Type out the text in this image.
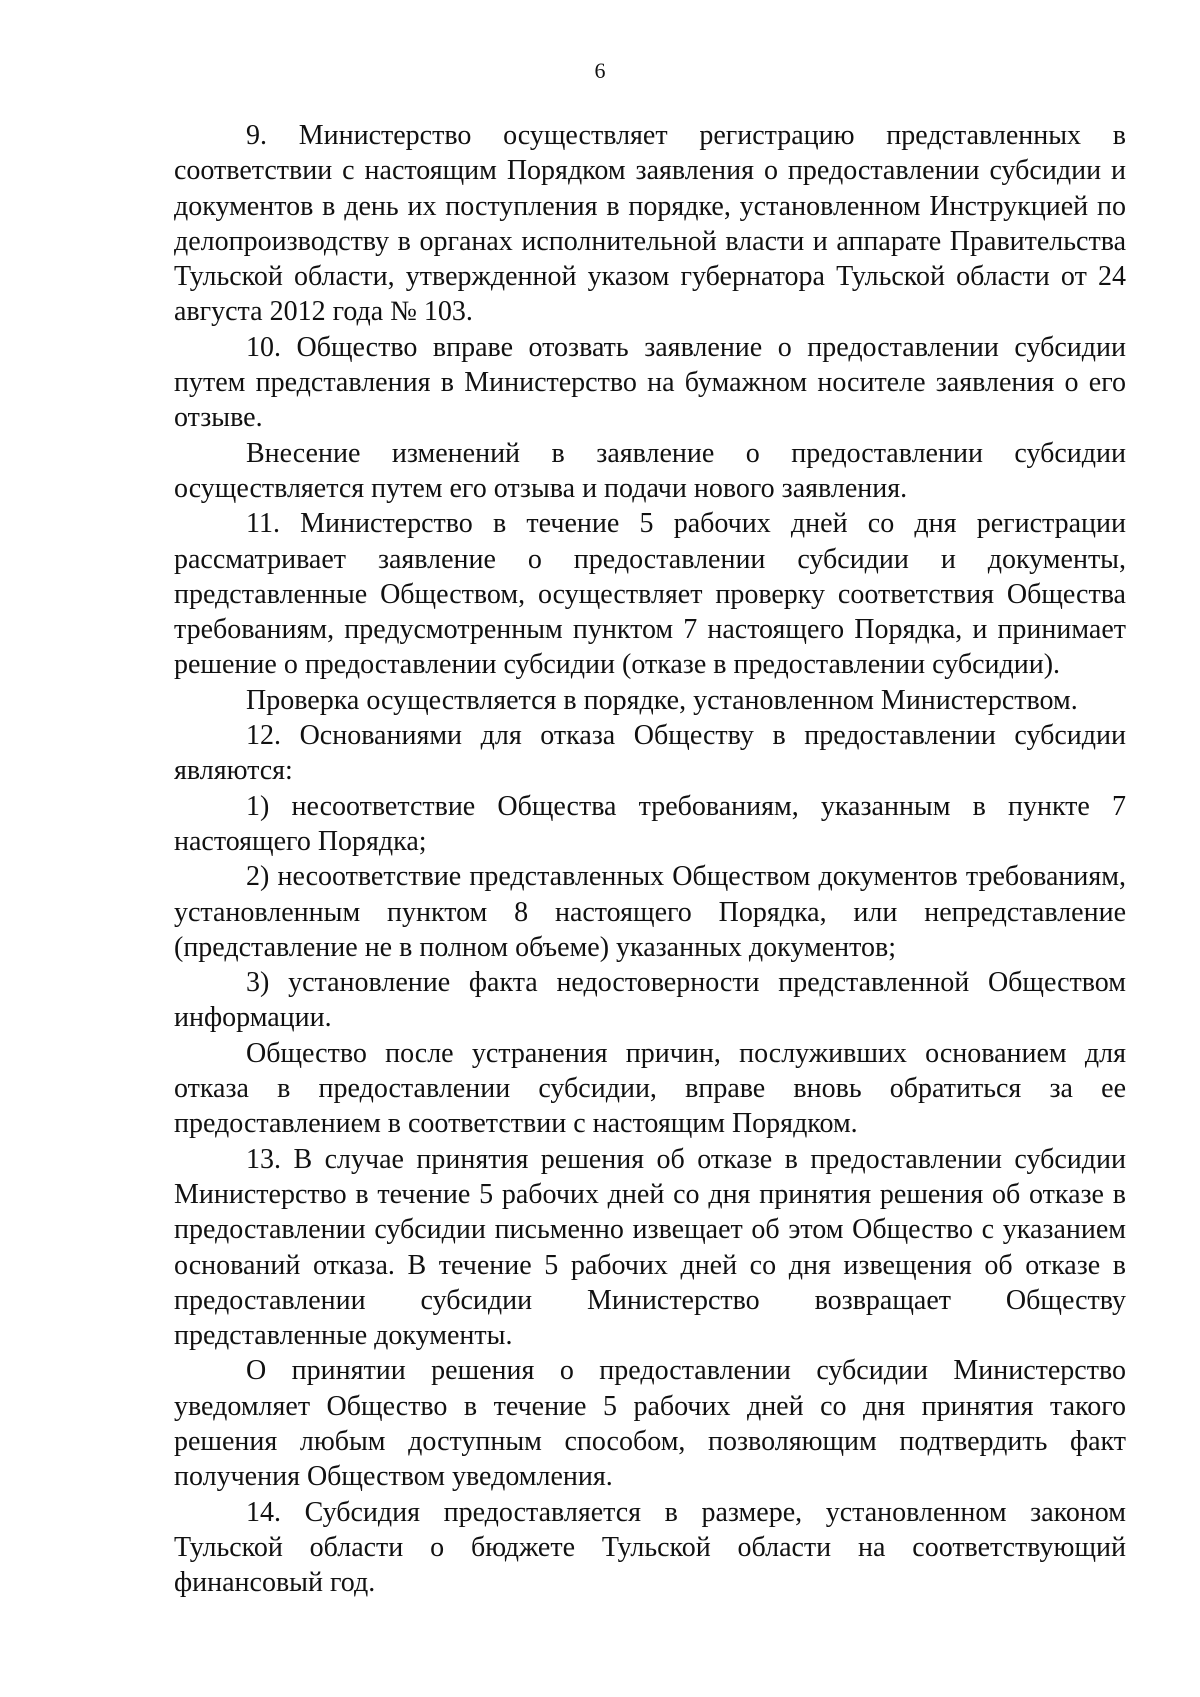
6

9. Министерство осуществляет регистрацию представленных в соответствии с настоящим Порядком заявления о предоставлении субсидии и документов в день их поступления в порядке, установленном Инструкцией по делопроизводству в органах исполнительной власти и аппарате Правительства Тульской области, утвержденной указом губернатора Тульской области от 24 августа 2012 года № 103.

10. Общество вправе отозвать заявление о предоставлении субсидии путем представления в Министерство на бумажном носителе заявления о его отзыве.

Внесение изменений в заявление о предоставлении субсидии осуществляется путем его отзыва и подачи нового заявления.

11. Министерство в течение 5 рабочих дней со дня регистрации рассматривает заявление о предоставлении субсидии и документы, представленные Обществом, осуществляет проверку соответствия Общества требованиям, предусмотренным пунктом 7 настоящего Порядка, и принимает решение о предоставлении субсидии (отказе в предоставлении субсидии).

Проверка осуществляется в порядке, установленном Министерством.

12. Основаниями для отказа Обществу в предоставлении субсидии являются:

1) несоответствие Общества требованиям, указанным в пункте 7 настоящего Порядка;

2) несоответствие представленных Обществом документов требованиям, установленным пунктом 8 настоящего Порядка, или непредставление (представление не в полном объеме) указанных документов;

3) установление факта недостоверности представленной Обществом информации.

Общество после устранения причин, послуживших основанием для отказа в предоставлении субсидии, вправе вновь обратиться за ее предоставлением в соответствии с настоящим Порядком.

13. В случае принятия решения об отказе в предоставлении субсидии Министерство в течение 5 рабочих дней со дня принятия решения об отказе в предоставлении субсидии письменно извещает об этом Общество с указанием оснований отказа. В течение 5 рабочих дней со дня извещения об отказе в предоставлении субсидии Министерство возвращает Обществу представленные документы.

О принятии решения о предоставлении субсидии Министерство уведомляет Общество в течение 5 рабочих дней со дня принятия такого решения любым доступным способом, позволяющим подтвердить факт получения Обществом уведомления.

14. Субсидия предоставляется в размере, установленном законом Тульской области о бюджете Тульской области на соответствующий финансовый год.
